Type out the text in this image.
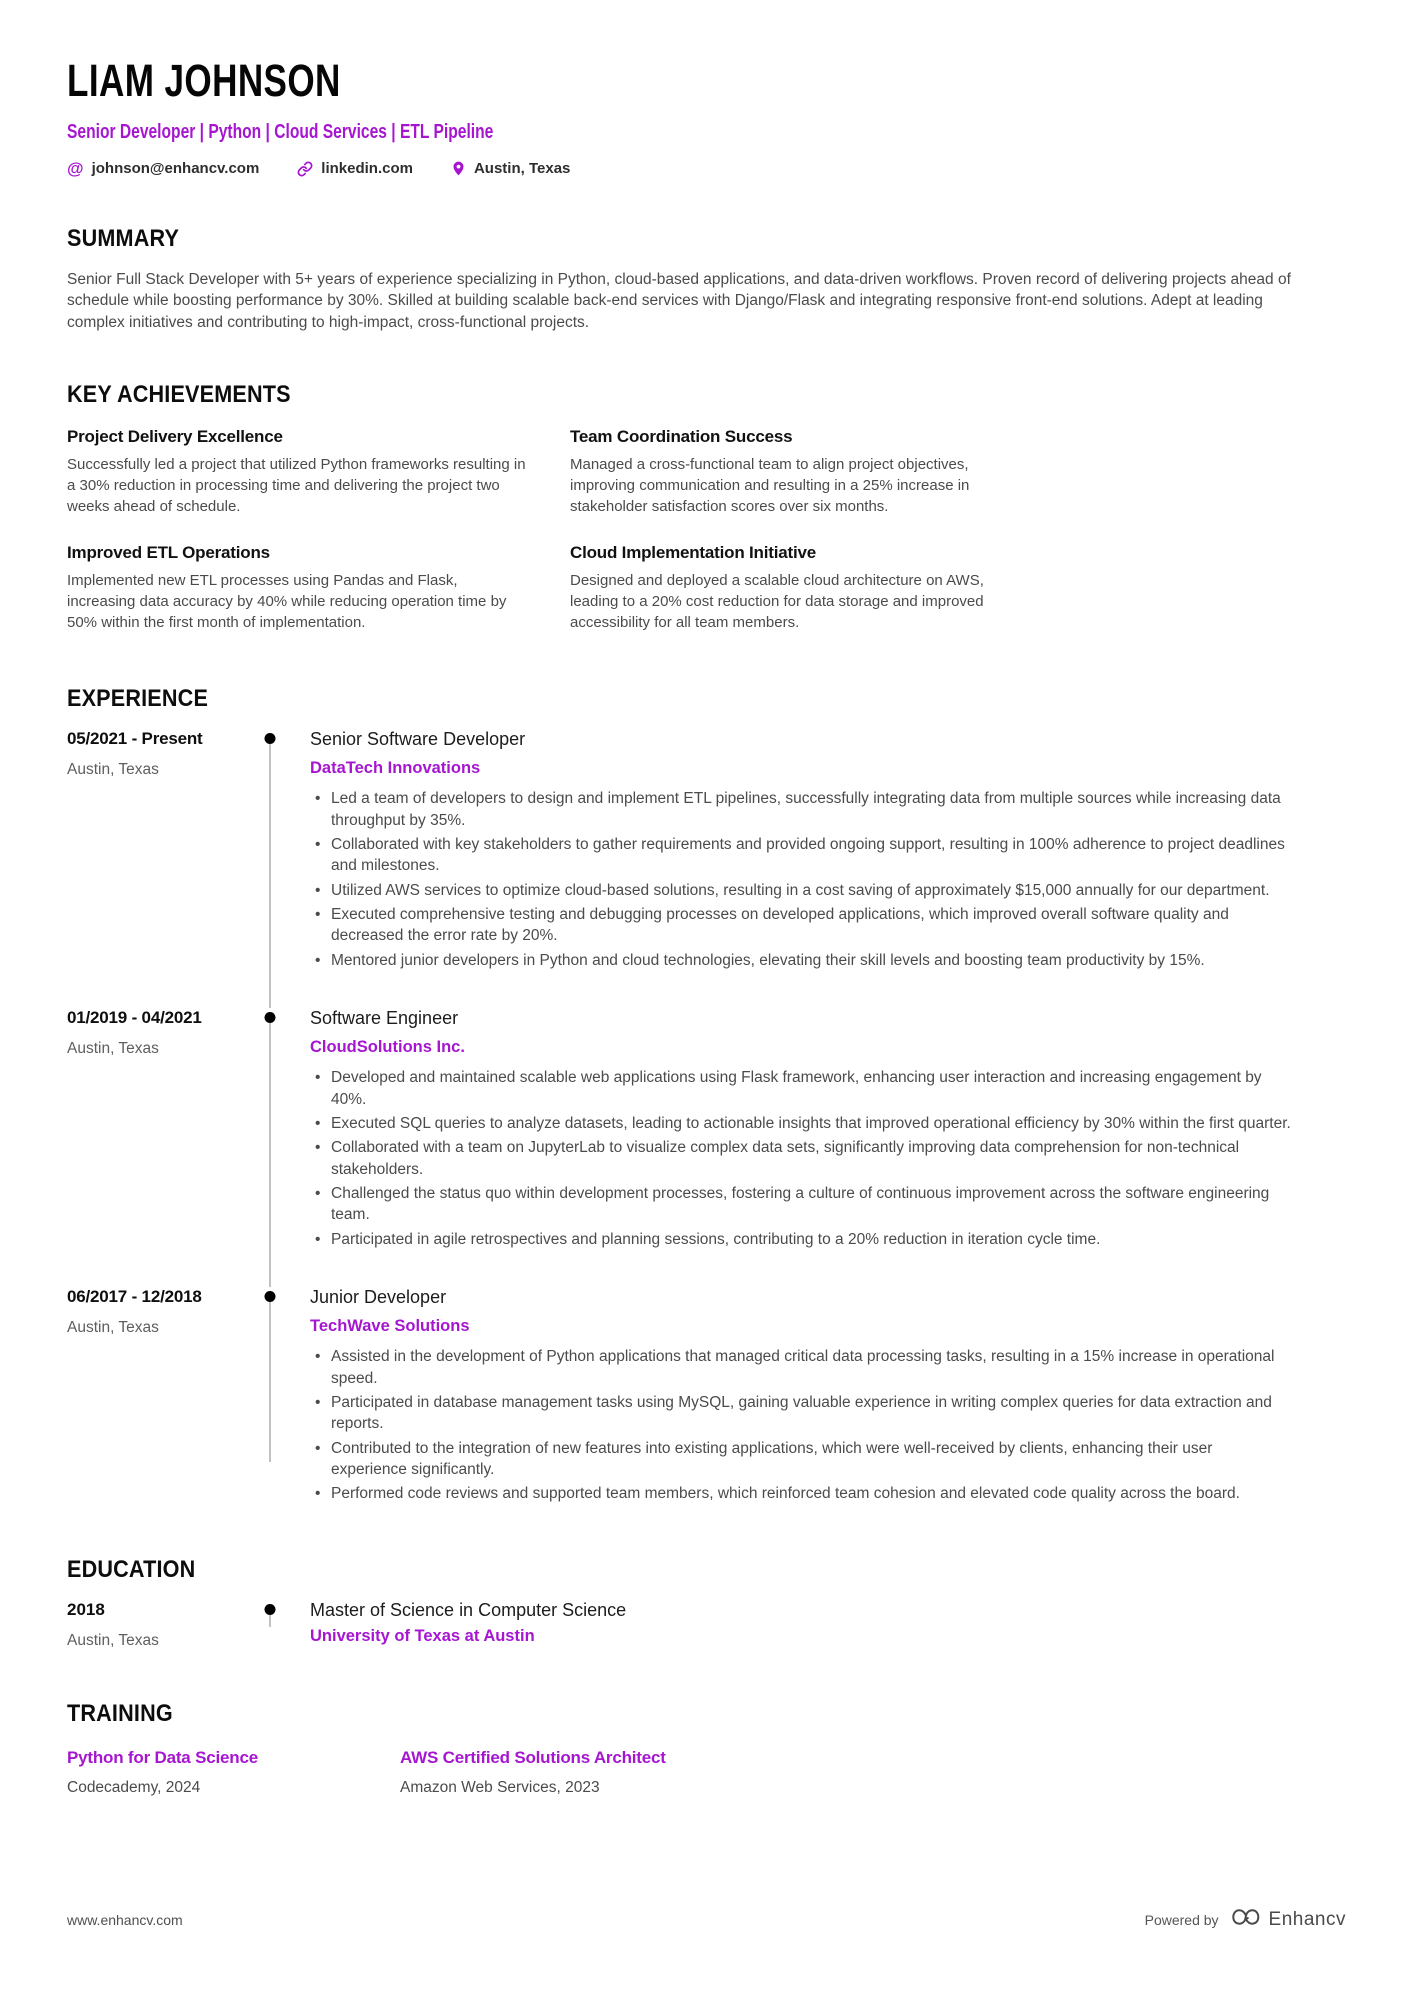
LIAM JOHNSON
Senior Developer | Python | Cloud Services | ETL Pipeline
@ johnson@enhancv.com	linkedin.com	Austin, Texas
SUMMARY

Senior Full Stack Developer with 5+ years of experience specializing in Python, cloud-based applications, and data-driven workflows. Proven record of delivering projects ahead of schedule while boosting performance by 30%. Skilled at building scalable back-end services with Django/Flask and integrating responsive front-end solutions. Adept at leading complex initiatives and contributing to high-impact, cross-functional projects.

KEY ACHIEVEMENTS
Project Delivery Excellence

Successfully led a project that utilized Python frameworks resulting in a 30% reduction in processing time and delivering the project two weeks ahead of schedule.

Team Coordination Success

Managed a cross-functional team to align project objectives, improving communication and resulting in a 25% increase in stakeholder satisfaction scores over six months.

Improved ETL Operations

Implemented new ETL processes using Pandas and Flask, increasing data accuracy by 40% while reducing operation time by 50% within the first month of implementation.

Cloud Implementation Initiative

Designed and deployed a scalable cloud architecture on AWS, leading to a 20% cost reduction for data storage and improved accessibility for all team members.

EXPERIENCE
05/2021 - Present
Austin, Texas
Senior Software Developer
DataTech Innovations
• Led a team of developers to design and implement ETL pipelines, successfully integrating data from multiple sources while increasing data throughput by 35%.
• Collaborated with key stakeholders to gather requirements and provided ongoing support, resulting in 100% adherence to project deadlines and milestones.
• Utilized AWS services to optimize cloud-based solutions, resulting in a cost saving of approximately $15,000 annually for our department.
• Executed comprehensive testing and debugging processes on developed applications, which improved overall software quality and decreased the error rate by 20%.
• Mentored junior developers in Python and cloud technologies, elevating their skill levels and boosting team productivity by 15%.
01/2019 - 04/2021
Austin, Texas
Software Engineer
CloudSolutions Inc.
• Developed and maintained scalable web applications using Flask framework, enhancing user interaction and increasing engagement by 40%.
• Executed SQL queries to analyze datasets, leading to actionable insights that improved operational efficiency by 30% within the first quarter.
• Collaborated with a team on JupyterLab to visualize complex data sets, significantly improving data comprehension for non-technical stakeholders.
• Challenged the status quo within development processes, fostering a culture of continuous improvement across the software engineering team.
• Participated in agile retrospectives and planning sessions, contributing to a 20% reduction in iteration cycle time.
06/2017 - 12/2018
Austin, Texas
Junior Developer
TechWave Solutions
• Assisted in the development of Python applications that managed critical data processing tasks, resulting in a 15% increase in operational speed.
• Participated in database management tasks using MySQL, gaining valuable experience in writing complex queries for data extraction and reports.
• Contributed to the integration of new features into existing applications, which were well-received by clients, enhancing their user experience significantly.
• Performed code reviews and supported team members, which reinforced team cohesion and elevated code quality across the board.
EDUCATION
2018
Austin, Texas
Master of Science in Computer Science
University of Texas at Austin
TRAINING
Python for Data Science
Codecademy, 2024
AWS Certified Solutions Architect
Amazon Web Services, 2023
www.enhancv.com	Powered by	Enhancv
